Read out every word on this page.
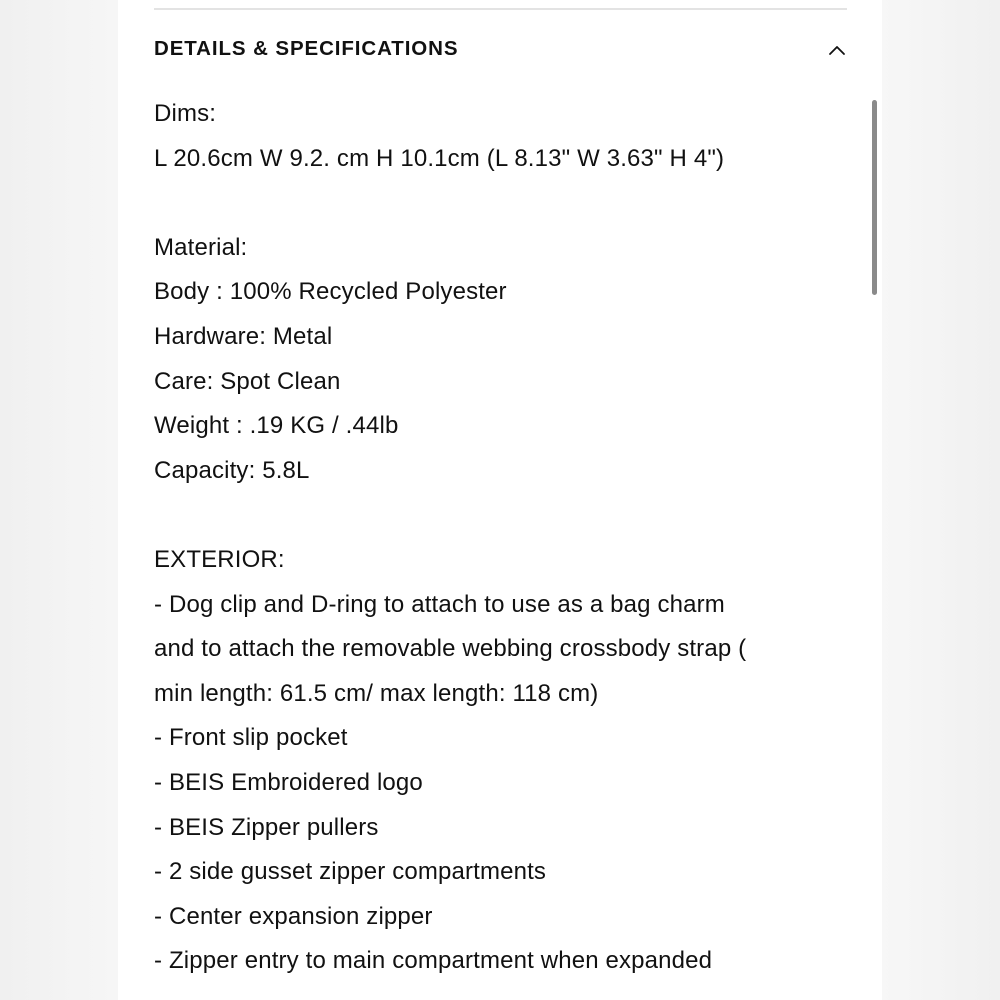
DETAILS & SPECIFICATIONS
Dims:
L 20.6cm W 9.2. cm H 10.1cm (L 8.13" W 3.63" H 4")
Material:
Body : 100% Recycled Polyester
Hardware: Metal
Care: Spot Clean
Weight : .19 KG / .44lb
Capacity: 5.8L
EXTERIOR:
- Dog clip and D-ring to attach to use as a bag charm
and to attach the removable webbing crossbody strap (
min length: 61.5 cm/ max length: 118 cm)
- Front slip pocket
- BEIS Embroidered logo
- BEIS Zipper pullers
- 2 side gusset zipper compartments
- Center expansion zipper
- Zipper entry to main compartment when expanded
